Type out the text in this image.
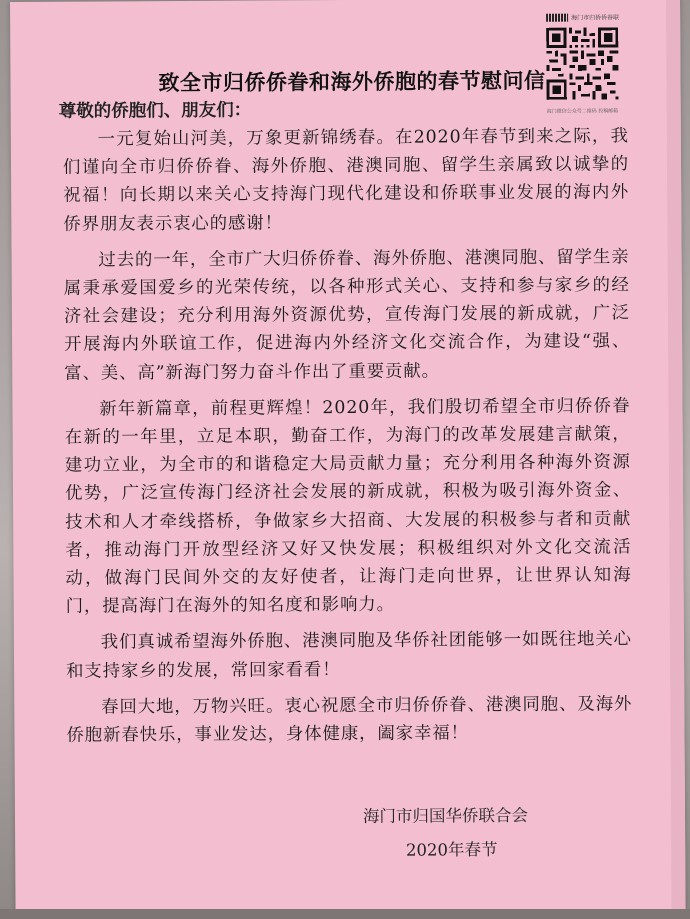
海门市归侨侨眷联
海门微信公众号二维码 投稿邮箱
致全市归侨侨眷和海外侨胞的春节慰问信
尊敬的侨胞们、朋友们：

一元复始山河美，万象更新锦绣春。在2020年春节到来之际，我们谨向全市归侨侨眷、海外侨胞、港澳同胞、留学生亲属致以诚挚的祝福！向长期以来关心支持海门现代化建设和侨联事业发展的海内外侨界朋友表示衷心的感谢！

过去的一年，全市广大归侨侨眷、海外侨胞、港澳同胞、留学生亲属秉承爱国爱乡的光荣传统，以各种形式关心、支持和参与家乡的经济社会建设；充分利用海外资源优势，宣传海门发展的新成就，广泛开展海内外联谊工作，促进海内外经济文化交流合作，为建设“强、富、美、高”新海门努力奋斗作出了重要贡献。

新年新篇章，前程更辉煌！2020年，我们殷切希望全市归侨侨眷在新的一年里，立足本职，勤奋工作，为海门的改革发展建言献策，建功立业，为全市的和谐稳定大局贡献力量；充分利用各种海外资源优势，广泛宣传海门经济社会发展的新成就，积极为吸引海外资金、技术和人才牵线搭桥，争做家乡大招商、大发展的积极参与者和贡献者，推动海门开放型经济又好又快发展；积极组织对外文化交流活动，做海门民间外交的友好使者，让海门走向世界，让世界认知海门，提高海门在海外的知名度和影响力。

我们真诚希望海外侨胞、港澳同胞及华侨社团能够一如既往地关心和支持家乡的发展，常回家看看！

春回大地，万物兴旺。衷心祝愿全市归侨侨眷、港澳同胞、及海外侨胞新春快乐，事业发达，身体健康，阖家幸福！

海门市归国华侨联合会
2020年春节
